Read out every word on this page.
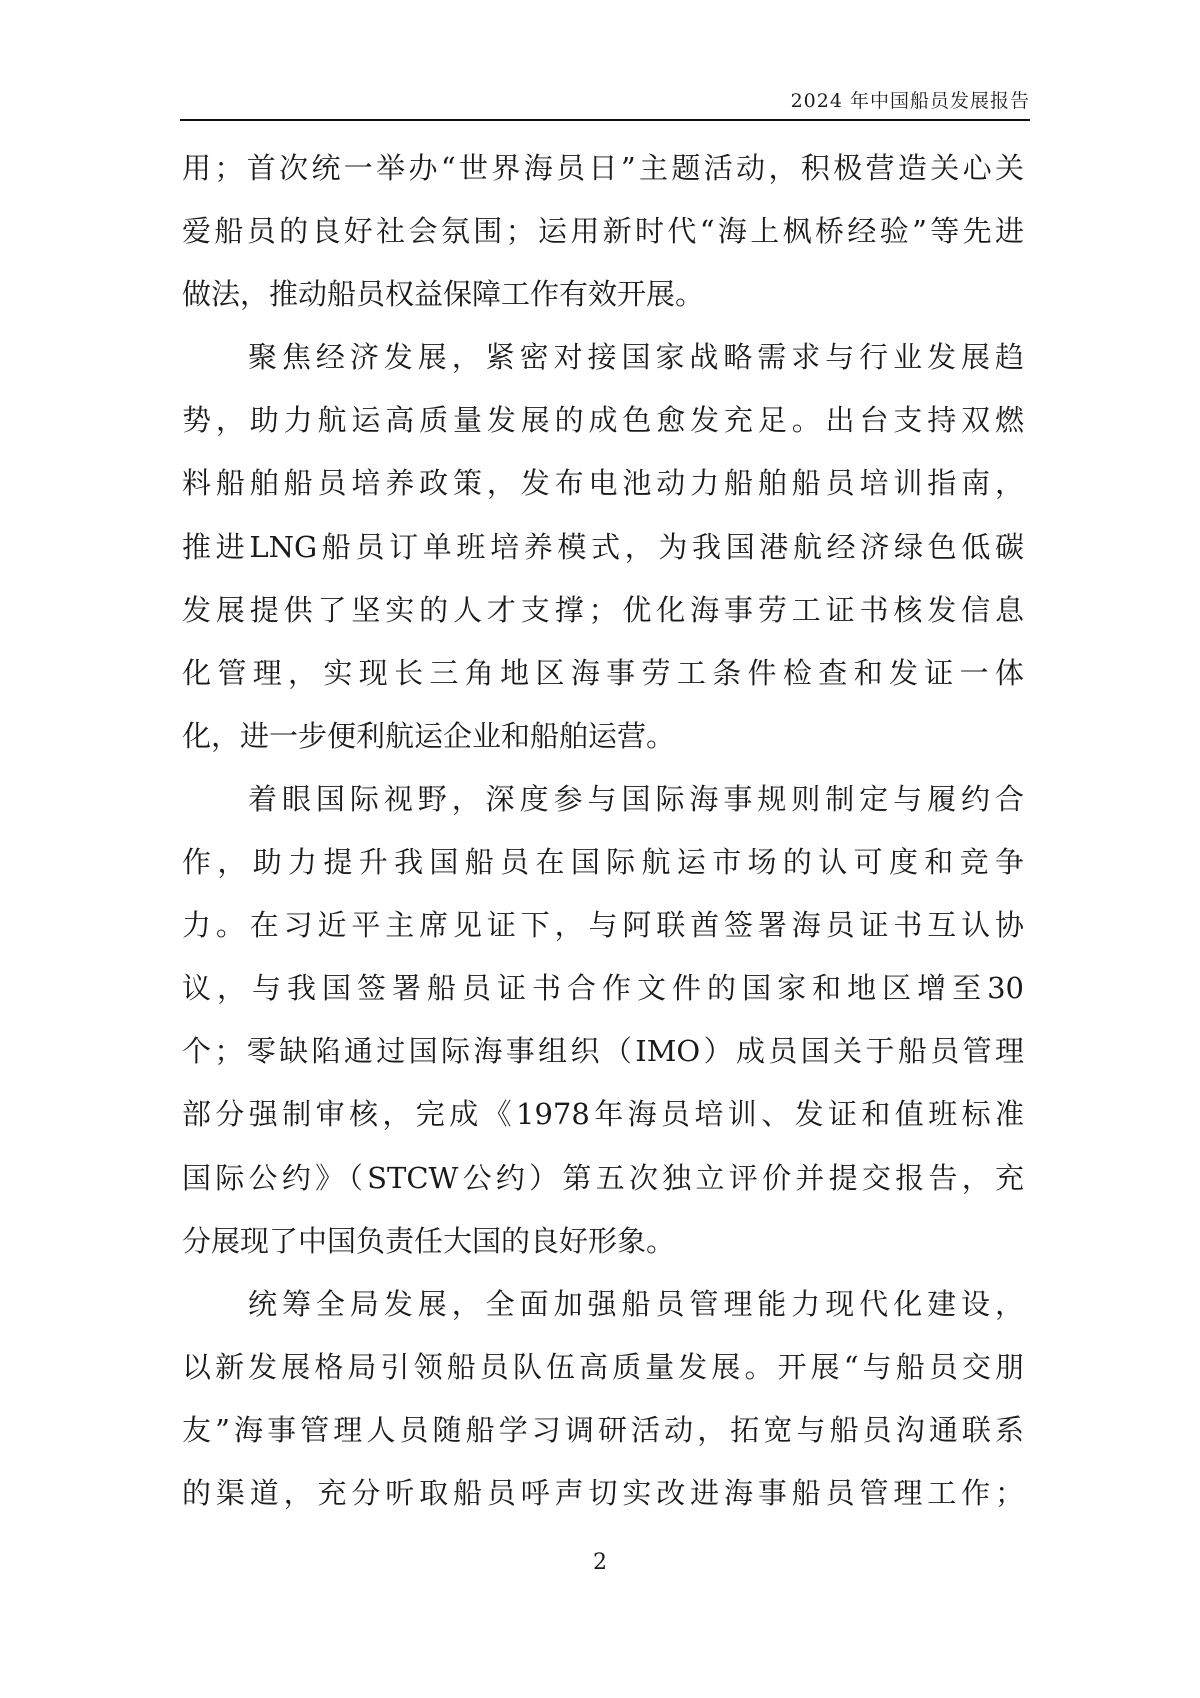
2024 年中国船员发展报告
用；首次统一举办“世界海员日”主题活动，积极营造关心关
爱船员的良好社会氛围；运用新时代“海上枫桥经验”等先进
做法，推动船员权益保障工作有效开展。
聚焦经济发展，紧密对接国家战略需求与行业发展趋
势，助力航运高质量发展的成色愈发充足。出台支持双燃
料船舶船员培养政策，发布电池动力船舶船员培训指南，
推进LNG船员订单班培养模式，为我国港航经济绿色低碳
发展提供了坚实的人才支撑；优化海事劳工证书核发信息
化管理，实现长三角地区海事劳工条件检查和发证一体
化，进一步便利航运企业和船舶运营。
着眼国际视野，深度参与国际海事规则制定与履约合
作，助力提升我国船员在国际航运市场的认可度和竞争
力。在习近平主席见证下，与阿联酋签署海员证书互认协
议，与我国签署船员证书合作文件的国家和地区增至30
个；零缺陷通过国际海事组织（IMO）成员国关于船员管理
部分强制审核，完成《1978年海员培训、发证和值班标准
国际公约》（STCW公约）第五次独立评价并提交报告，充
分展现了中国负责任大国的良好形象。
统筹全局发展，全面加强船员管理能力现代化建设，
以新发展格局引领船员队伍高质量发展。开展“与船员交朋
友”海事管理人员随船学习调研活动，拓宽与船员沟通联系
的渠道，充分听取船员呼声切实改进海事船员管理工作；
2
